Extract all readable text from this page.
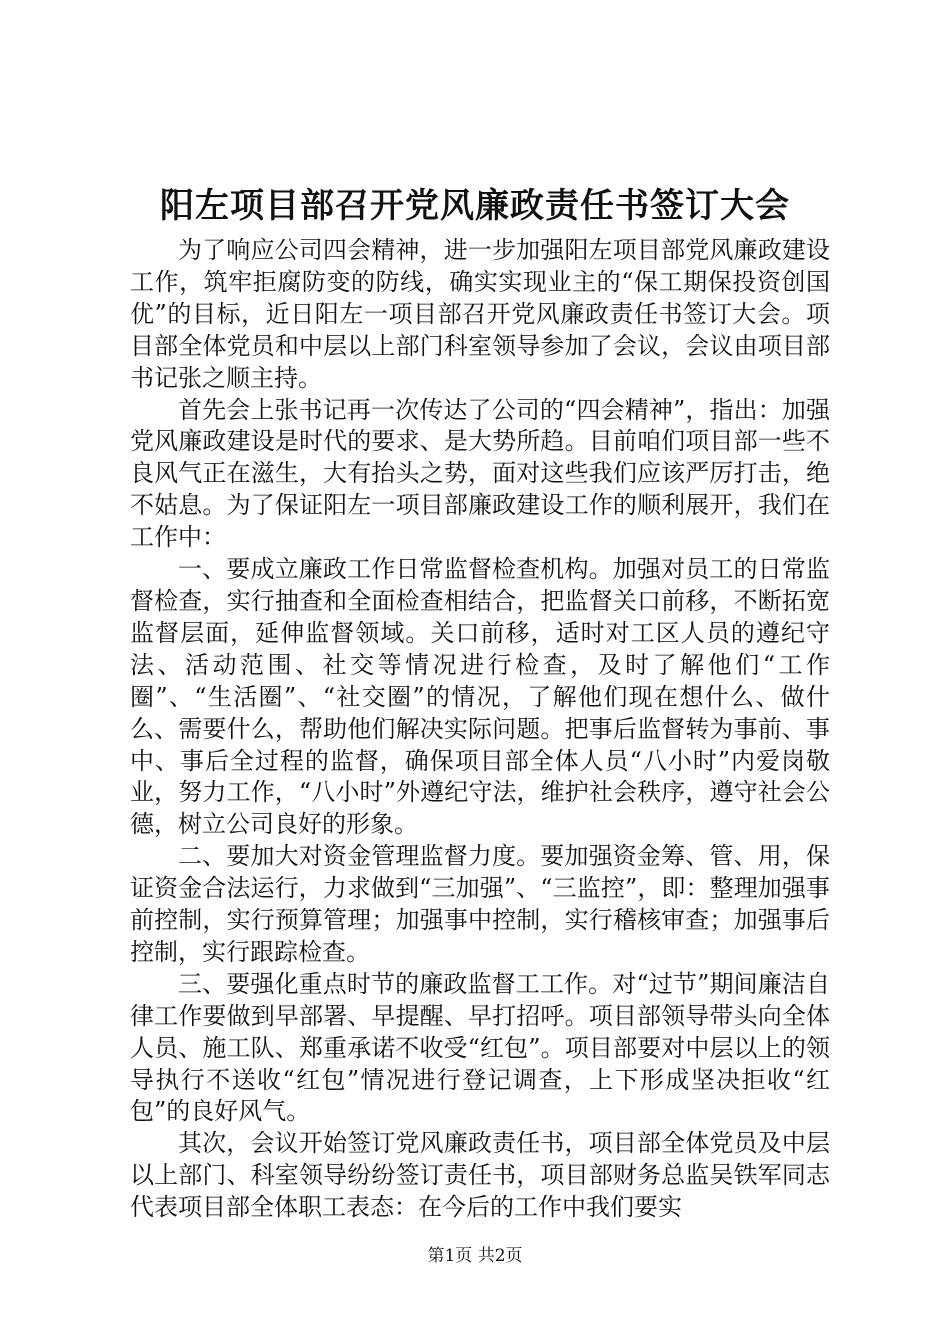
阳左项目部召开党风廉政责任书签订大会

为了响应公司四会精神，进一步加强阳左项目部党风廉政建设工作，筑牢拒腐防变的防线，确实实现业主的“保工期保投资创国优”的目标，近日阳左一项目部召开党风廉政责任书签订大会。项目部全体党员和中层以上部门科室领导参加了会议，会议由项目部书记张之顺主持。

首先会上张书记再一次传达了公司的“四会精神”，指出：加强党风廉政建设是时代的要求、是大势所趋。目前咱们项目部一些不良风气正在滋生，大有抬头之势，面对这些我们应该严厉打击，绝不姑息。为了保证阳左一项目部廉政建设工作的顺利展开，我们在工作中：

一、要成立廉政工作日常监督检查机构。加强对员工的日常监督检查，实行抽查和全面检查相结合，把监督关口前移，不断拓宽监督层面，延伸监督领域。关口前移，适时对工区人员的遵纪守法、活动范围、社交等情况进行检查，及时了解他们“工作圈”、“生活圈”、“社交圈”的情况，了解他们现在想什么、做什么、需要什么，帮助他们解决实际问题。把事后监督转为事前、事中、事后全过程的监督，确保项目部全体人员“八小时”内爱岗敬业，努力工作，“八小时”外遵纪守法，维护社会秩序，遵守社会公德，树立公司良好的形象。

二、要加大对资金管理监督力度。要加强资金筹、管、用，保证资金合法运行，力求做到“三加强”、“三监控”，即：整理加强事前控制，实行预算管理；加强事中控制，实行稽核审查；加强事后控制，实行跟踪检查。

三、要强化重点时节的廉政监督工工作。对“过节”期间廉洁自律工作要做到早部署、早提醒、早打招呼。项目部领导带头向全体人员、施工队、郑重承诺不收受“红包”。项目部要对中层以上的领导执行不送收“红包”情况进行登记调查，上下形成坚决拒收“红包”的良好风气。

其次，会议开始签订党风廉政责任书，项目部全体党员及中层以上部门、科室领导纷纷签订责任书，项目部财务总监吴铁军同志代表项目部全体职工表态：在今后的工作中我们要实

第1页 共2页
